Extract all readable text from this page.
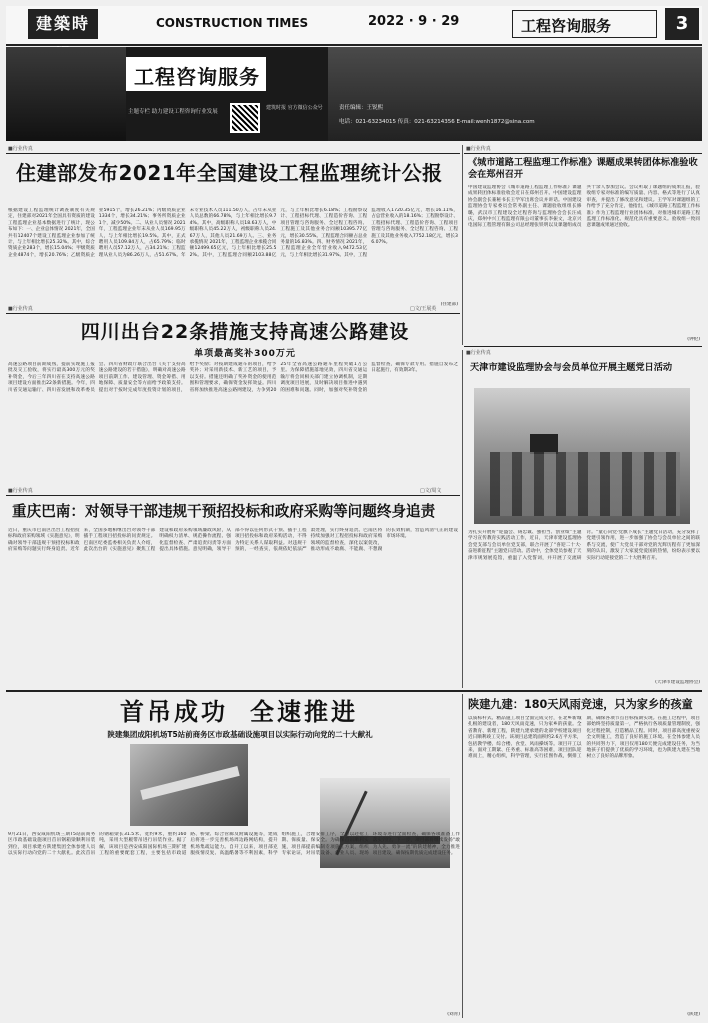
建築時	CONSTRUCTION TIMES	2022 · 9 · 29	工程咨询服务	3
工程咨询服务
主题专栏 助力建设工程咨询行业发展
建筑时报 官方微信公众号	责任编辑：王锐熙
电话：021-63234015 传真：021-63214356 E-mail:wenh1872@sina.com
■行业传真
住建部发布2021年全国建设工程监理统计公报
根据建设工程监理统计调查制度有关规定，住建部对2021年全国具有资质的建设工程监理企业基本数据进行了统计，现公布如下：一、企业总体情况 2021年，全国共有12407个建设工程监理企业参加了统计，与上年相比增长25.32%。其中，综合资质企业283个，增长15.04%；甲级资质企业4874个，增长20.76%；乙级资质企业5915个，增长26.21%；丙级资质企业1334个，增长34.21%；事务所资质企业1个，减少50%。二、从业人员情况 2021年，工程监理企业年末从业人员169.95万人，与上年相比增长19.5%。其中，正式聘用人员109.84万人，占65.79%；临时聘用人员57.12万人，占34.21%；工程监理从业人员为86.26万人，占51.67%。年末专业技术人员111.50万人，占年末从业人员总数的66.78%，与上年相比增长9.74%。其中，高级职称人员18.63万人，中级职称人员45.22万人，初级职称人员24.67万人，其他人员21.69万人。三、业务承揽情况 2021年，工程监理企业承揽合同额12499.65亿元，与上年相比增长25.52%。其中，工程监理合同额2103.88亿元，与上年相比增长6.18%；工程勘察设计、工程招标代理、工程造价咨询、工程项目管理与咨询服务、全过程工程咨询、工程施工及其他业务合同额10395.77亿元，增长30.55%。工程监理合同额占总业务量的16.83%。四、财务情况 2021年，工程监理企业全年营业收入9472.53亿元，与上年相比增长31.97%。其中，工程监理收入1720.35亿元，增长16.11%，占总营业收入的18.16%；工程勘察设计、工程招标代理、工程造价咨询、工程项目管理与咨询服务、全过程工程咨询、工程施工及其他业务收入7752.18亿元，增长36.07%。
(住建部)
■行业传真
《城市道路工程监理工作标准》课题成果转团体标准验收会在郑州召开
中国建设监理协会《城市道路工程监理工作标准》课题成果转团体标准验收会近日在郑州召开。中国建设监理协会副会长兼秘书长王学军出席会议并讲话。中国建设监理协会专家委员会常务副主任、课题验收组组长修璐，武汉市工程建设全过程咨询与监理协会会长汪成庆，郑州中兴工程监理有限公司董事长李振文，北京兴电国际工程管理有限公司总经理张铁明以及课题组成员共十余人参加会议。会议听取了课题组的成果汇报，验收组专家对标准的编写质量、内容、格式等进行了认真审查，并提出了修改意见和建议。王学军对课题组的工作给予了充分肯定，他指出，《城市道路工程监理工作标准》作为工程监理行业团体标准，对推进城市道路工程监理工作标准化、规范化具有重要意义。验收组一致同意课题成果通过验收。
(钟伦)
■行业传真	□文/王展英
四川出台22条措施支持高速公路建设
单项最高奖补300万元
高速公路项目前期成熟，提前实现施工报批及交工验收，将实行最高300万元的奖补资金，今后三年四川省在支持高速公路项目建设方面推出22条新措施。今年，四川省交通运输厅、四川省发展和改革委员会、四川省财政厅联合出台《关于支持高速公路建设的若干措施》，明确对高速公路项目前期工作、建设管理、资金筹措、用地保障、质量安全等方面给予政策支持。提出对于按时完成年度投资计划的项目，给予奖励；对按期建成通车的项目，给予奖补；对采用新技术、新工艺的项目，予以支持。措施还明确了奖补资金的使用范围和管理要求，确保资金发挥效益。四川省将加快推进高速公路网建设，力争到2025年全省高速公路通车里程突破1万公里。为保障措施落地见效，四川省交通运输厅将会同相关部门建立协调机制，定期调度项目进展，及时解决项目推进中遇到的困难和问题。同时，加强对奖补资金的监督检查，确保专款专用。措施自发布之日起施行，有效期3年。
■行业传真
天津市建设监理协会与会员单位开展主题党日活动
为扎实开展好“迎盛会、铸忠诚、强担当、创业绩”主题学习宣传教育实践活动工作，近日，天津市建设监理协会党支部与会员单位党支部，联合开展了“喜迎二十大·奋进新征程”主题党日活动。活动中，全体党员参观了天津市规划展览馆，重温了入党誓词，并开展了交流研讨。“童心向党·党旗下成长”主题党日活动，充分发挥了党建引领作用，进一步加强了协会与会员单位之间的联系与交流，使广大党员干部对党的光辉历程有了更加深刻的认识，激发了大家爱党爱国的热情，纷纷表示要以实际行动迎接党的二十大胜利召开。
(天津市建设监理协会)
■行业传真	□文/周文
重庆巴南：对领导干部违规干预招投标和政府采购等问题终身追责
近日，重庆市巴南区出台工程招投标和政府采购领域《实施意见》，明确对领导干部违规干预招投标和政府采购等问题实行终身追责。近年来，全国多地相继出台对领导干部插手工程项目招投标的问责规定。巴南区纪委监委相关负责人介绍，此次出台的《实施意见》聚焦工程建设和政府采购领域廉政风险，从明确权力清单、规范操作流程、强化监督检查、严肃追责问责等方面提出具体措施。意见明确，领导干部不得以任何形式干预、插手工程项目招投标和政府采购活动，不得为特定关系人谋取利益。对违规干预的，一经查实，依规依纪依法严肃处理，实行终身追责。巴南区将持续加强对工程招投标和政府采购领域的监督检查，深化以案促改，推动形成不敢腐、不能腐、不想腐的长效机制，营造风清气正的建设市场环境。
首吊成功 全速推进
陕建集团成阳机场T5站前商务区市政基础设施项目以实际行动向党的二十大献礼
9月21日，西安咸阳机场三期T5站前商务区市政基础设施项目首吊钢箱梁顺利吊装到位，项目承建方陕建集团全体参建人员以实际行动向党的二十大献礼。此次首吊的钢箱梁长31.5米、宽约9米，重约160吨，采用大型履带吊进行吊装作业。据了解，该项目是西安咸阳国际机场三期扩建工程的重要配套工程，主要包括市政道路、桥梁、综合管廊及附属设施等，建成后将进一步完善机场周边路网结构，提升机场集疏运能力。自开工以来，项目部克服疫情反复、高温酷暑等不利因素，科学组织施工，合理安排工序，全力以赴抢工期、保质量、保安全。为确保首吊顺利实施，项目部提前编制专项施工方案，组织专家论证，对吊装设备、作业人员、现场环境等进行全面检查，确保各项准备工作落实到位。下一步，项目部将继续发扬“敢为人先、勇争一流”的陕建精神，全力推进项目建设，确保按期优质完成建设任务。
(刘青)
陕建九建：180天风雨竞速，只为家乡的孩童
以质标杆式、精品施工项目全面完成交付，在北乡新城扎根的建设者，180天风雨竞速，只为家乡的孩童。全省教育、新理工程，陕建九建承建的北部学校建设项目近日顺利竣工交付。该项目总建筑面积约2.6万平方米，包括教学楼、综合楼、食堂、风雨操场等。项目开工以来，面对工期紧、任务重、标准高等困难，项目团队迎难而上，精心组织，科学管理，实行挂图作战，倒排工期，确保各项节点目标按期实现。在施工过程中，项目部始终坚持质量第一，严格执行各项质量管理制度，强化过程控制，打造精品工程。同时，项目部高度重视安全文明施工，营造了良好的施工环境。在全体参建人员的共同努力下，项目仅用180天便完成建设任务，为当地孩子们提供了优质的学习环境，也为陕建九建在当地树立了良好的品牌形象。
(陕建)
